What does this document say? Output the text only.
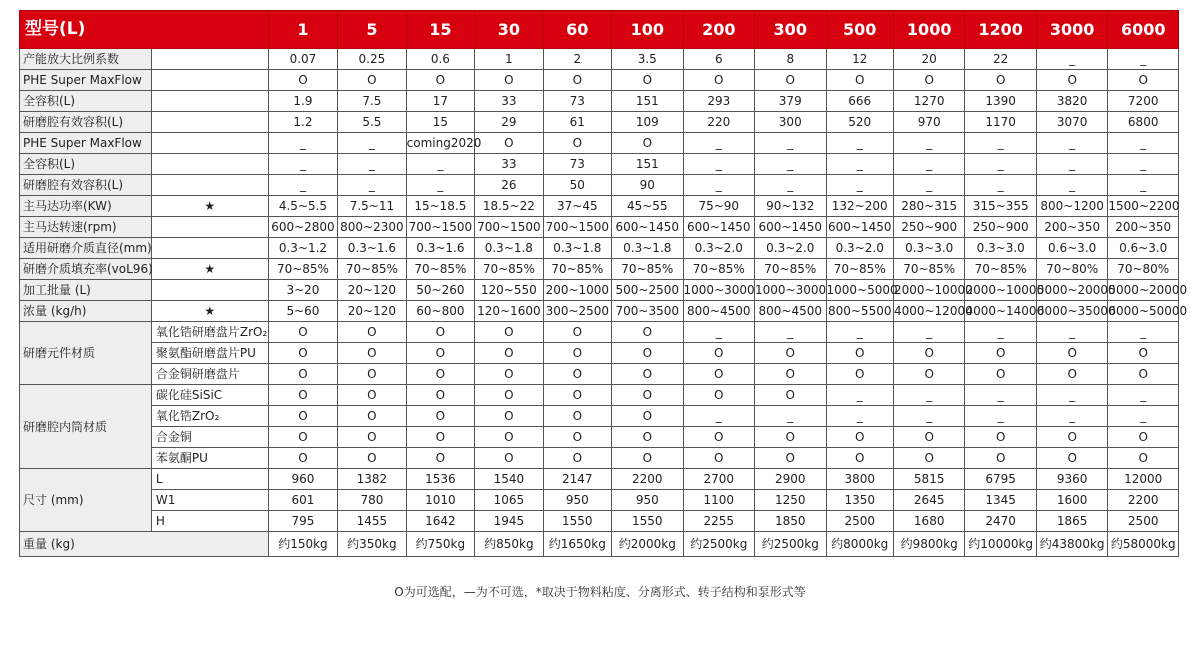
型号(L)		1	5	15	30	60	100	200	300	500	1000	1200	3000	6000
产能放大比例系数		0.07	0.25	0.6	1	2	3.5	6	8	12	20	22	_	_
PHE Super MaxFlow		O	O	O	O	O	O	O	O	O	O	O	O	O
全容积(L)		1.9	7.5	17	33	73	151	293	379	666	1270	1390	3820	7200
研磨腔有效容积(L)		1.2	5.5	15	29	61	109	220	300	520	970	1170	3070	6800
PHE Super MaxFlow		_	_	coming2020	O	O	O	_	_	_	_	_	_	_
全容积(L)		_	_	_	33	73	151	_	_	_	_	_	_	_
研磨腔有效容积(L)		_	_	_	26	50	90	_	_	_	_	_	_	_
主马达功率(KW)	★	4.5~5.5	7.5~11	15~18.5	18.5~22	37~45	45~55	75~90	90~132	132~200	280~315	315~355	800~1200	1500~2200
主马达转速(rpm)		600~2800	800~2300	700~1500	700~1500	700~1500	600~1450	600~1450	600~1450	600~1450	250~900	250~900	200~350	200~350
适用研磨介质直径(mm)		0.3~1.2	0.3~1.6	0.3~1.6	0.3~1.8	0.3~1.8	0.3~1.8	0.3~2.0	0.3~2.0	0.3~2.0	0.3~3.0	0.3~3.0	0.6~3.0	0.6~3.0
研磨介质填充率(voL96)	★	70~85%	70~85%	70~85%	70~85%	70~85%	70~85%	70~85%	70~85%	70~85%	70~85%	70~85%	70~80%	70~80%
加工批量 (L)		3~20	20~120	50~260	120~550	200~1000	500~2500	1000~3000	1000~3000	1000~5000	2000~10000	2000~10000	5000~20000	5000~20000
浓量 (kg/h)	★	5~60	20~120	60~800	120~1600	300~2500	700~3500	800~4500	800~4500	800~5500	4000~12000	4000~14000	6000~35000	6000~50000
研磨元件材质	氧化锆研磨盘片ZrO₂	O	O	O	O	O	O	_	_	_	_	_	_	_
	聚氨酯研磨盘片PU	O	O	O	O	O	O	O	O	O	O	O	O	O
	合金铜研磨盘片	O	O	O	O	O	O	O	O	O	O	O	O	O
研磨腔内筒材质	碳化硅SiSiC	O	O	O	O	O	O	O	O	_	_	_	_	_
	氧化锆ZrO₂	O	O	O	O	O	O	_	_	_	_	_	_	_
	合金铜	O	O	O	O	O	O	O	O	O	O	O	O	O
	苯氨酮PU	O	O	O	O	O	O	O	O	O	O	O	O	O
尺寸 (mm)	L	960	1382	1536	1540	2147	2200	2700	2900	3800	5815	6795	9360	12000
	W1	601	780	1010	1065	950	950	1100	1250	1350	2645	1345	1600	2200
	H	795	1455	1642	1945	1550	1550	2255	1850	2500	1680	2470	1865	2500
重量 (kg)		约150kg	约350kg	约750kg	约850kg	约1650kg	约2000kg	约2500kg	约2500kg	约8000kg	约9800kg	约10000kg	约43800kg	约58000kg
O为可选配，—为不可选，*取决于物料粘度、分离形式、转子结构和泵形式等
